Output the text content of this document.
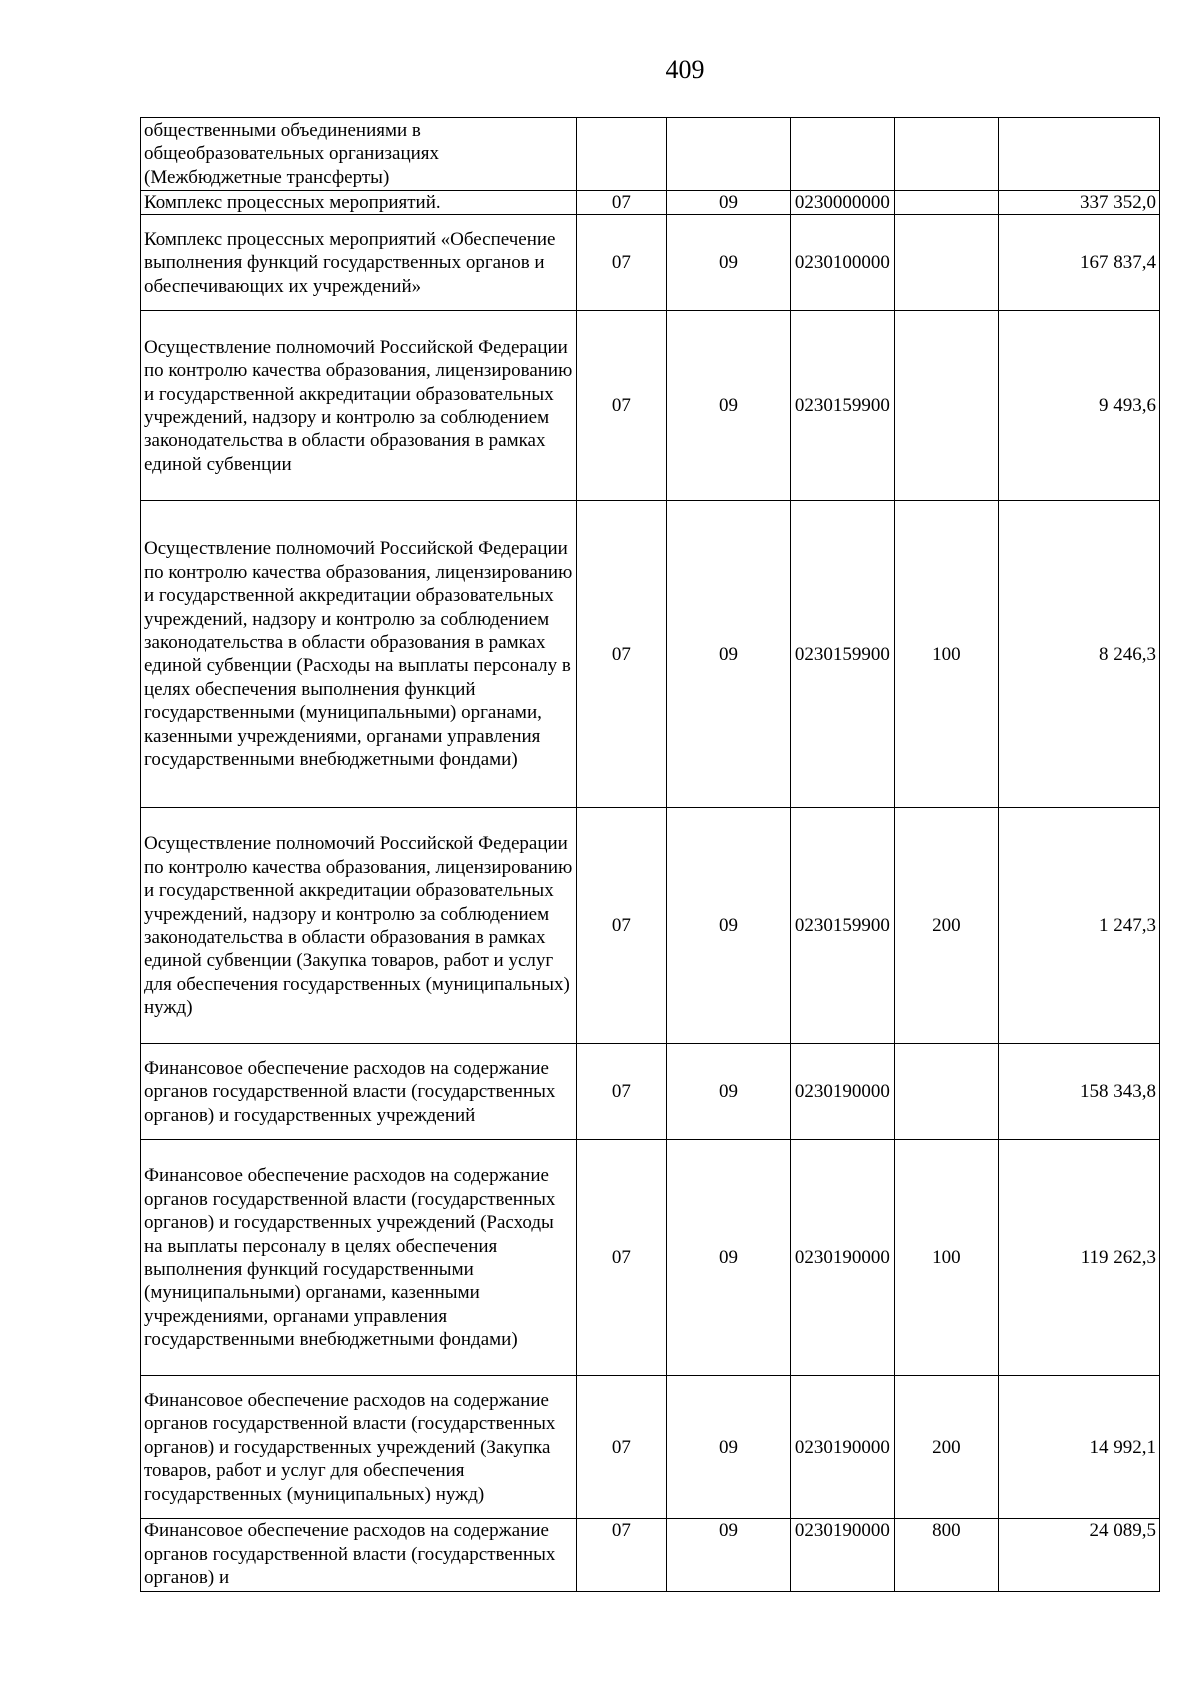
409
общественными объединениями в общеобразовательных организациях (Межбюджетные трансферты)					
Комплекс процессных мероприятий.	07	09	0230000000		337 352,0
Комплекс процессных мероприятий «Обеспечение выполнения функций государственных органов и обеспечивающих их учреждений»	07	09	0230100000		167 837,4
Осуществление полномочий Российской Федерации по контролю качества образования, лицензированию и государственной аккредитации образовательных учреждений, надзору и контролю за соблюдением законодательства в области образования в рамках единой субвенции	07	09	0230159900		9 493,6
Осуществление полномочий Российской Федерации по контролю качества образования, лицензированию и государственной аккредитации образовательных учреждений, надзору и контролю за соблюдением законодательства в области образования в рамках единой субвенции (Расходы на выплаты персоналу в целях обеспечения выполнения функций государственными (муниципальными) органами, казенными учреждениями, органами управления государственными внебюджетными фондами)	07	09	0230159900	100	8 246,3
Осуществление полномочий Российской Федерации по контролю качества образования, лицензированию и государственной аккредитации образовательных учреждений, надзору и контролю за соблюдением законодательства в области образования в рамках единой субвенции (Закупка товаров, работ и услуг для обеспечения государственных (муниципальных) нужд)	07	09	0230159900	200	1 247,3
Финансовое обеспечение расходов на содержание органов государственной власти (государственных органов) и государственных учреждений	07	09	0230190000		158 343,8
Финансовое обеспечение расходов на содержание органов государственной власти (государственных органов) и государственных учреждений (Расходы на выплаты персоналу в целях обеспечения выполнения функций государственными (муниципальными) органами, казенными учреждениями, органами управления государственными внебюджетными фондами)	07	09	0230190000	100	119 262,3
Финансовое обеспечение расходов на содержание органов государственной власти (государственных органов) и государственных учреждений (Закупка товаров, работ и услуг для обеспечения государственных (муниципальных) нужд)	07	09	0230190000	200	14 992,1
Финансовое обеспечение расходов на содержание органов государственной власти (государственных органов) и	07	09	0230190000	800	24 089,5
